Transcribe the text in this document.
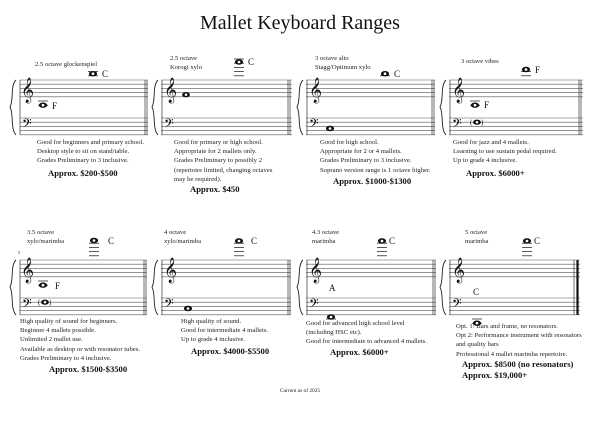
Mallet Keyboard Ranges
𝄞	𝄞	𝄞	𝄞
𝄞	𝄞	𝄞	𝄞
𝄢	𝄢	𝄢	𝄢
𝄢	𝄢	𝄢	𝄢
5
( )
( )
C
F
C
C	F
F
C
F
C	C
A
C
C
2.5 octave glockenspiel
2.5 octave
Korogi xylo
3 octave alto
Stagg/Optimum xylo
3 octave vibes
3.5 octave
xylo/marimba
4 octave
xylo/marimba
4.3 octave
marimba
5 octave
marimba
Good for beginners and primary school.
Desktop style to sit on stand/table.
Grades Preliminary to 3 inclusive.
Approx. $200-$500
Good for primary or high school.
Appropriate for 2 mallets only.
Grades Preliminary to possibly 2
(repertoire limited, changing octaves
may be required).
Approx. $450
Good for high school.
Appropriate for 2 or 4 mallets.
Grades Preliminary to 3 inclusive.
Soprano version range is 1 octave higher.
Approx. $1000-$1300
Good for jazz and 4 mallets.
Learning to use sustain pedal required.
Up to grade 4 inclusive.
Approx. $6000+
High quality of sound for beginners.
Beginner 4 mallets possible.
Unlimited 2 mallet use.
Available as desktop or with resonator tubes.
Grades Preliminary to 4 inclusive.
Approx. $1500-$3500
High quality of sound.
Good for intermediate 4 mallets.
Up to grade 4 inclusive.
Approx. $4000-$5500
Good for advanced high school level
(including HSC etc).
Good for intermediate to advanced 4 mallets.
Approx. $6000+
Opt. 1: Bars and frame, no resonators.
Opt 2: Performance instrument with resonators
and quality bars
Professional 4 mallet marimba repertoire.
Approx. $8500 (no resonators)
Approx. $19,000+
Current as of 2025
